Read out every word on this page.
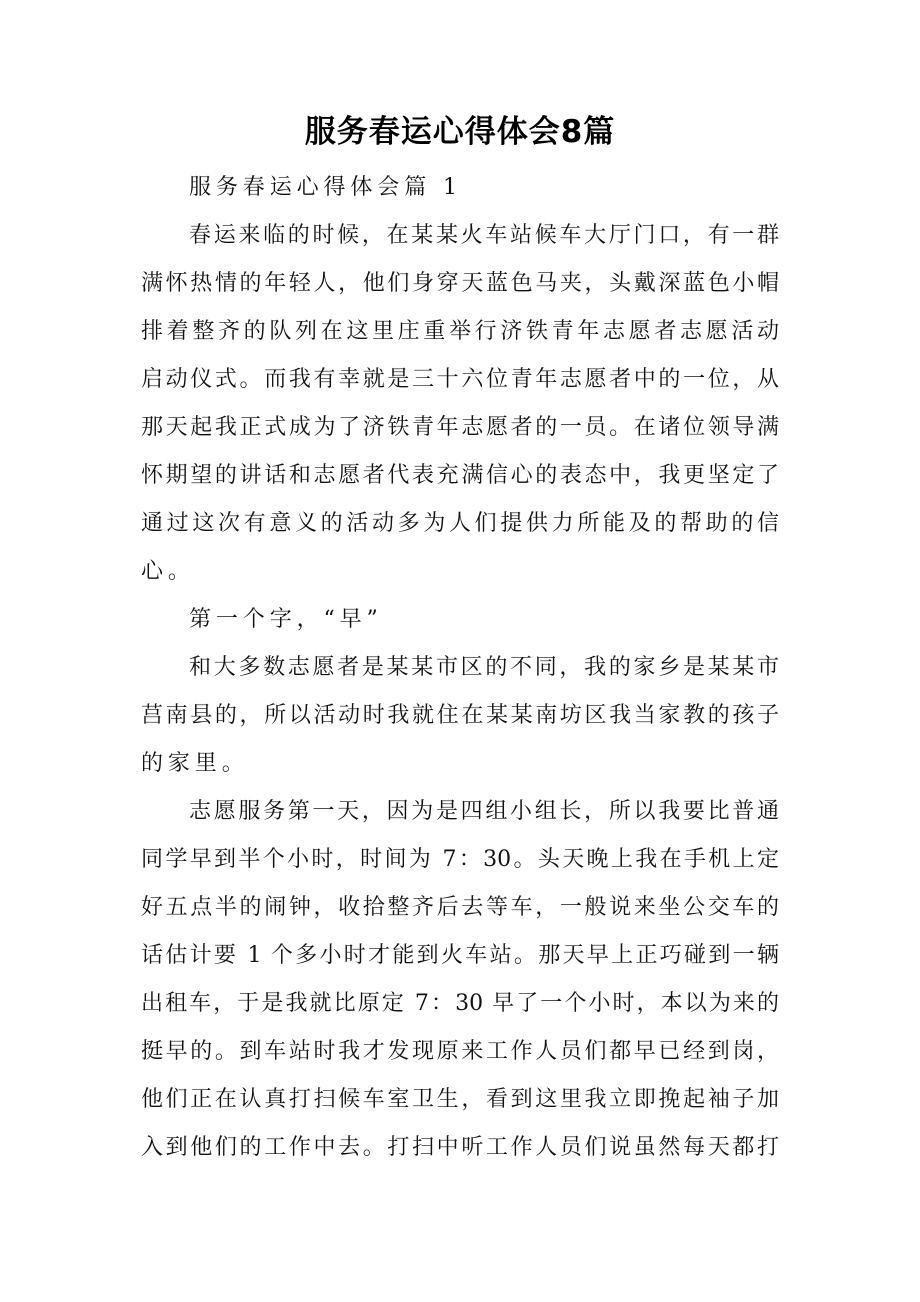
服务春运心得体会8篇
服务春运心得体会篇 1
春运来临的时候，在某某火车站候车大厅门口，有一群
满怀热情的年轻人，他们身穿天蓝色马夹，头戴深蓝色小帽
排着整齐的队列在这里庄重举行济铁青年志愿者志愿活动
启动仪式。而我有幸就是三十六位青年志愿者中的一位，从
那天起我正式成为了济铁青年志愿者的一员。在诸位领导满
怀期望的讲话和志愿者代表充满信心的表态中，我更坚定了
通过这次有意义的活动多为人们提供力所能及的帮助的信
心。
第一个字，“早”
和大多数志愿者是某某市区的不同，我的家乡是某某市
莒南县的，所以活动时我就住在某某南坊区我当家教的孩子
的家里。
志愿服务第一天，因为是四组小组长，所以我要比普通
同学早到半个小时，时间为 7：30。头天晚上我在手机上定
好五点半的闹钟，收拾整齐后去等车，一般说来坐公交车的
话估计要 1 个多小时才能到火车站。那天早上正巧碰到一辆
出租车，于是我就比原定 7：30 早了一个小时，本以为来的
挺早的。到车站时我才发现原来工作人员们都早已经到岗，
他们正在认真打扫候车室卫生，看到这里我立即挽起袖子加
入到他们的工作中去。打扫中听工作人员们说虽然每天都打
